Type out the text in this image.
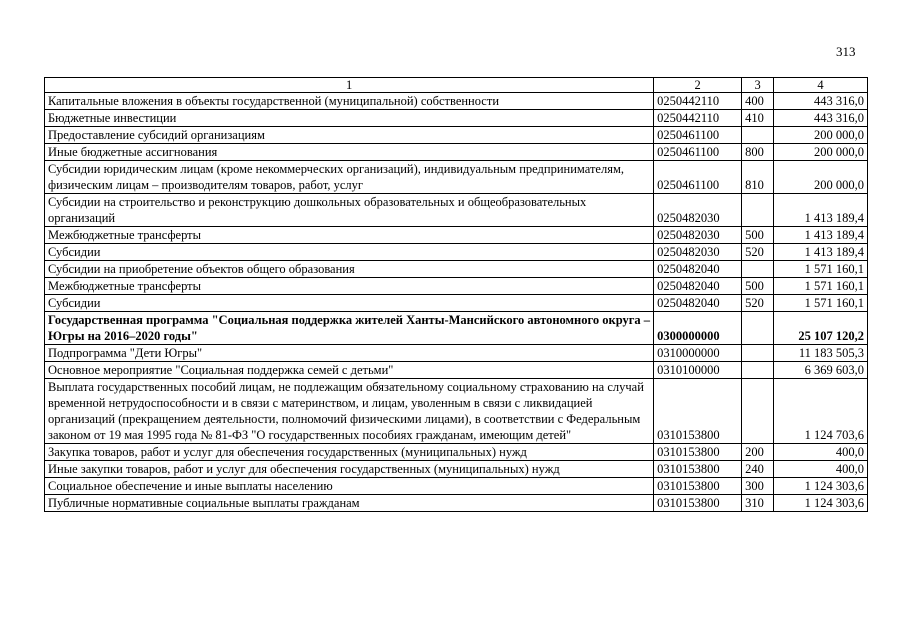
313
1	2	3	4
Капитальные вложения в объекты государственной (муниципальной) собственности	0250442110	400	443 316,0
Бюджетные инвестиции	0250442110	410	443 316,0
Предоставление субсидий организациям	0250461100		200 000,0
Иные бюджетные ассигнования	0250461100	800	200 000,0
Субсидии юридическим лицам (кроме некоммерческих организаций), индивидуальным предпринимателям, физическим лицам – производителям товаров, работ, услуг	0250461100	810	200 000,0
Субсидии на строительство и реконструкцию дошкольных образовательных и общеобразовательных организаций	0250482030		1 413 189,4
Межбюджетные трансферты	0250482030	500	1 413 189,4
Субсидии	0250482030	520	1 413 189,4
Субсидии на приобретение объектов общего образования	0250482040		1 571 160,1
Межбюджетные трансферты	0250482040	500	1 571 160,1
Субсидии	0250482040	520	1 571 160,1
Государственная программа "Социальная поддержка жителей Ханты-Мансийского автономного округа – Югры на 2016–2020 годы"	0300000000		25 107 120,2
Подпрограмма "Дети Югры"	0310000000		11 183 505,3
Основное мероприятие "Социальная поддержка семей с детьми"	0310100000		6 369 603,0
Выплата государственных пособий лицам, не подлежащим обязательному социальному страхованию на случай временной нетрудоспособности и в связи с материнством, и лицам, уволенным в связи с ликвидацией организаций (прекращением деятельности, полномочий физическими лицами), в соответствии с Федеральным законом от 19 мая 1995 года № 81-ФЗ "О государственных пособиях гражданам, имеющим детей"	0310153800		1 124 703,6
Закупка товаров, работ и услуг для обеспечения государственных (муниципальных) нужд	0310153800	200	400,0
Иные закупки товаров, работ и услуг для обеспечения государственных (муниципальных) нужд	0310153800	240	400,0
Социальное обеспечение и иные выплаты населению	0310153800	300	1 124 303,6
Публичные нормативные социальные выплаты гражданам	0310153800	310	1 124 303,6
